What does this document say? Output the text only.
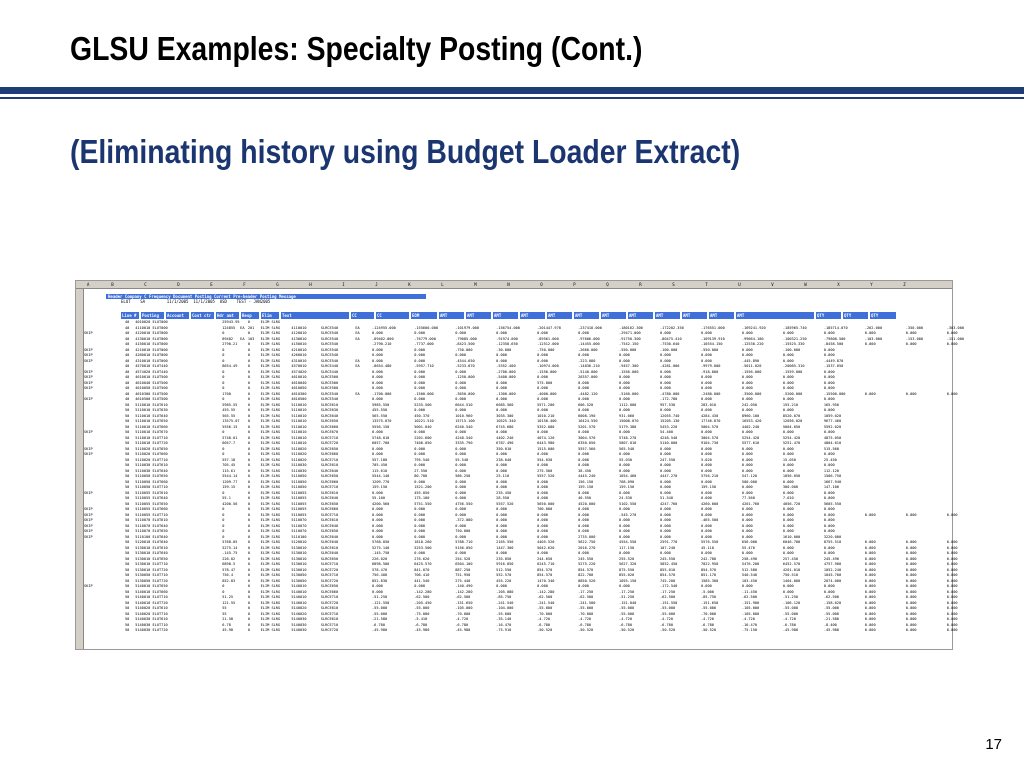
GLSU Examples: Specialty Posting (Cont.)
(Eliminating history using Budget Loader Extract)
A	B	C	D	E	F	G	H	I	J	K	L	M	N	O	P	Q	R	S	T	U	V	W	X	Y	Z
Header Company C Frequency Document Posting Current Pre-header Posting Message
ELUT    SA         11/1/2005  11/1/2005  USD    TEST - JAN2005
Line # Posting Account Cost ctr Hdr amt Resp	Elim	Text	CC	CC	EOM	AMT	AMT	AMT	AMT	AMT	AMT	AMT	AMT	AMT	AMT	AMT	AMT	QTY	QTY	QTY
40 4010020 ELUT000	25943.95 0	ELIM SLRG
40 4110010 ELUT000	124855 EA 201 ELIM SLRG	4110010	SLRCE540	EA	-124955.000	-155600.000	-101979.000	-156754.000	-201447.970	-237418.000	-180162.300	-172202.350	-176551.000	-169241.920	-185965.740	-185714.070	-262.000	-350.000	-303.000
SKIP	40 4120010 ELUT000	0	0	ELIM SLRG	4120010	SLRCE540	EA	0.000	0.000	0.000	0.000	0.000	0.000	-29471.000	0.000	0.000	0.000	0.000	0.000	0.000	0.000	0.000
40 4130010 ELUT000	89402 EA 103 ELIM SLRG	4130010	SLRCE540	EA	-89402.000	-76779.000	-79085.000	-91974.000	-89561.000	-97606.000	-91750.300	-80475.410	-109139.910	-99664.180	-100321.250	-79808.500	-103.000	-153.000	-151.000
40 4150010 ELUT000	2790.21	0	ELIM SLRG	4150010	SLRCE540	-2790.210	-7737.000	-8423.500	-12358.650	-12512.000	-14455.000	-7542.150	-7530.640	-10554.150	-12530.220	-15525.330	-8458.500	0.000	0.000	0.000
SKIP	40 4210010 ELUT000	0	0	ELIM SLRG	4210010	SLRCE540	0.000	0.000	-750.000	-30.000	-750.000	-2660.000	-550.000	-100.000	-550.000	0.000	-100.000	0.000
SKIP	40 4260010 ELUT000	0	0	ELIM SLRG	4260010	SLRCE540	0.000	0.000	0.000	0.000	0.000	0.000	0.000	0.000	0.000	0.000	0.000	0.000
SKIP	40 4310010 ELUT000	0	0	ELIM SLRG	4310010	SLRCE540	EA	0.000	0.000	-4544.650	0.000	0.000	-223.080	0.000	0.000	0.000	-445.890	0.000	-4449.870
40 4570010 ELUT440	8654.49	0	ELIM SLRG	4570010	SLRCE440	EA	-8654.480	-5957.710	-5233.870	-5352.400	-10974.000	-14836.210	-9457.300	-4281.000	-9979.000	-5011.020	-20085.310	-1537.050
SKIP	40 4574020 ELUT440	0	0	ELIM SLRG	4574020	SLRCE440	0.000	0.000	0.000	-2700.000	-1556.000	-5140.000	-1556.000	0.000	-918.000	-1556.000	-1559.000	0.000
SKIP	40 4610010 ELUT500	0	0	ELIM SLRG	4610010	SLRCE500	0.000	0.000	-1250.000	-5400.000	0.000	20357.000	0.000	0.000	0.000	0.000	0.000	0.000
SKIP	40 4610040 ELUT500	0	0	ELIM SLRG	4610040	SLRCE500	0.000	0.000	0.000	0.000	575.000	0.000	0.000	0.000	0.000	0.000	0.000	0.000
SKIP	40 4610050 ELUT500	0	0	ELIM SLRG	4610050	SLRCE500	0.000	0.000	0.000	0.000	0.000	0.000	0.000	0.000	0.000	0.000	0.000	0.000
40 4610300 ELUT500	1700	0	ELIM SLRG	4610300	SLRCE540	EA	-1700.000	-1500.000	-3650.000	-1300.000	-4000.000	-4482.120	-5160.000	-4780.000	-2480.000	-3500.000	-5200.000	-15500.000	0.000	0.000	0.000
SKIP	40 4610500 ELUT500	0	0	ELIM SLRG	4610500	SLRCE540	0.000	0.000	0.000	0.000	0.000	0.000	0.000	-172.780	0.000	0.000	0.000	0.000
50 5110010 ELUT610	5985.55	0	ELIM SLRG	5110010	SLRCE610	5985.550	5235.500	6644.510	6685.560	5571.200	606.520	1112.000	957.530	283.010	242.050	155.210	165.950
50 5110010 ELUT630	455.55	0	ELIM SLRG	5110010	SLRCE630	455.550	0.000	0.000	0.000	0.000	0.000	0.000	0.000	0.000	0.000	0.000	0.000
50 5110010 ELUT640	565.55	0	ELIM SLRG	5110010	SLRCE640	565.550	450.370	1010.960	3035.300	1010.210	6008.190	931.060	12055.740	4284.430	8960.100	8520.070	1059.020
50 5110010 ELUT650	13575.07 0	ELIM SLRG	5110010	SLRCE650	13575.070	10221.510	15715.100	10525.340	10150.400	16424.550	15008.070	15205.130	17746.870	16553.420	12056.020	9677.460
50 5110010 ELUT660	5556.15	0	ELIM SLRG	5110010	SLRCE660	5556.150	5001.040	6240.540	6745.680	5352.080	5201.570	5179.380	5453.220	5004.570	4402.240	5004.050	5592.020
SKIP	50 5110010 ELUT670	0	0	ELIM SLRG	5110010	SLRCE670	0.000	0.000	0.000	0.000	0.000	0.000	0.000	54.400	0.000	0.000	0.000	0.000
50 5110010 ELUT710	5748.01	0	ELIM SLRG	5110010	SLRCE710	5748.010	2201.600	4248.540	4402.240	4074.120	3004.570	5748.270	4248.540	3004.570	5254.420	5254.420	4875.050
50 5110010 ELUT720	6057.7	0	ELIM SLRG	5110010	SLRCE720	6057.700	7406.050	3335.790	6787.490	6443.980	6350.050	5807.010	5140.000	9104.730	5577.610	5251.470	4804.610
SKIP	50 5110020 ELUT650	0	0	ELIM SLRG	5110020	SLRCE650	0.000	0.000	0.000	350.010	1515.000	5557.560	565.540	0.000	0.000	0.000	0.000	515.560
SKIP	50 5110020 ELUT660	0	0	ELIM SLRG	5110020	SLRCE660	0.000	0.000	0.000	0.000	0.000	0.000	0.000	0.000	0.000	0.000	0.000	0.000
50 5110020 ELUT710	557.18	0	ELIM SLRG	5110020	SLRCE710	557.180	795.540	55.540	238.040	554.030	0.000	55.030	247.550	5.020	0.000	15.050	25.450
50 5110030 ELUT610	705.45	0	ELIM SLRG	5110030	SLRCE610	705.450	0.000	0.000	0.000	0.000	0.000	0.000	0.000	0.000	0.000	0.000	0.000
50 5110030 ELUT640	115.61	0	ELIM SLRG	5110030	SLRCE640	115.610	27.550	0.000	0.000	275.500	38.450	0.000	0.000	0.000	0.000	0.000	112.120
50 5110050 ELUT650	5544.14	0	ELIM SLRG	5110050	SLRCE650	5544.140	80.700	586.250	25.110	5557.520	4445.240	1654.460	4447.270	5756.210	547.120	1056.050	1506.750
50 5110050 ELUT660	1209.77	0	ELIM SLRG	5110050	SLRCE660	1209.770	0.000	0.000	0.000	0.000	156.150	768.090	0.000	0.000	500.000	0.000	1667.940
50 5110050 ELUT710	159.15	0	ELIM SLRG	5110050	SLRCE710	159.150	1521.200	0.000	0.000	0.000	159.150	159.150	0.000	159.150	0.000	300.000	147.100
SKIP	50 5110055 ELUT610	0	0	ELIM SLRG	5110055	SLRCE610	0.000	455.050	0.000	235.450	0.000	0.000	0.000	0.000	0.000	0.000	0.000	0.000
50 5110055 ELUT640	55.1	0	ELIM SLRG	5110055	SLRCE640	55.100	175.100	0.000	28.550	0.000	40.550	24.530	51.540	0.000	77.560	7.010	0.000
50 5110055 ELUT650	4200.56	0	ELIM SLRG	5110055	SLRCE650	4200.560	5751.550	4756.550	5557.520	5650.000	4520.000	5102.550	4247.760	4260.000	4201.760	4056.720	5605.550
SKIP	50 5110055 ELUT660	0	0	ELIM SLRG	5110055	SLRCE660	0.000	0.000	0.000	0.000	700.000	0.000	0.000	0.000	0.000	0.000	0.000	0.000
SKIP	50 5110055 ELUT710	0	0	ELIM SLRG	5110055	SLRCE710	0.000	0.000	0.000	0.000	0.000	0.000	-545.270	0.000	0.000	0.000	0.000	0.000	0.000	0.000	0.000
SKIP	50 5110070 ELUT610	0	0	ELIM SLRG	5110070	SLRCE610	0.000	0.000	-372.080	0.000	0.000	0.000	0.000	0.000	-465.500	0.000	0.000	0.000
SKIP	50 5110070 ELUT640	0	0	ELIM SLRG	5110070	SLRCE640	0.000	0.000	0.000	0.000	0.000	0.000	0.000	0.000	0.000	0.000	0.000	0.000
SKIP	50 5110070 ELUT650	0	0	ELIM SLRG	5110070	SLRCE650	0.000	0.000	750.000	0.000	0.000	0.000	0.000	0.000	0.000	0.000	0.000	0.000
SKIP	50 5110100 ELUT640	0	0	ELIM SLRG	5110100	SLRCE640	0.000	0.000	0.000	0.000	0.000	2735.000	0.000	0.000	0.000	0.000	1610.000	3220.000
50 5120010 ELUT640	5768.05	0	ELIM SLRG	5120010	SLRCE640	5768.050	1818.260	5788.710	2165.550	4405.520	5622.750	4554.550	2591.770	5576.550	656.000	6046.700	8755.510	0.000	0.000	0.000
50 5130010 ELUT610	5275.14	0	ELIM SLRG	5130010	SLRCE610	5275.140	5253.500	5156.050	1447.300	5042.620	2016.270	117.150	107.240	45.110	55.470	0.000	0.000	0.000	0.000	0.000
50 5130010 ELUT640	-145.75	0	ELIM SLRG	5130010	SLRCE640	-145.750	0.000	0.000	0.000	0.000	0.000	0.000	0.000	0.000	0.000	0.000	0.000	0.000	0.000	0.000
50 5130010 ELUT650	226.02	0	ELIM SLRG	5130010	SLRCE650	226.020	276.620	254.520	235.850	244.650	245.550	255.520	245.550	242.780	258.490	257.450	245.490	0.000	0.000	0.000
50 5130010 ELUT710	6898.5	0	ELIM SLRG	5130010	SLRCE710	6898.500	6425.570	6504.100	5916.850	6245.710	5275.220	5627.320	5852.450	7022.950	5476.200	6452.570	4757.900	0.000	0.000	0.000
50 5130010 ELUT720	578.47	0	ELIM SLRG	5130010	SLRCE720	578.470	841.070	887.250	512.550	854.570	854.570	875.550	855.010	854.570	512.580	4201.010	1052.240	0.000	0.000	0.000
50 5130050 ELUT710	756.4	0	ELIM SLRG	5130050	SLRCE710	756.400	706.410	751.950	552.570	854.570	822.700	855.020	854.570	851.170	540.540	750.510	1045.700	0.000	0.000	0.000
50 5130050 ELUT720	852.83	0	ELIM SLRG	5130050	SLRCE720	852.830	441.540	275.440	455.220	1470.340	8850.520	1055.150	745.200	1585.300	103.450	1404.000	2074.000	0.000	0.000	0.000
SKIP	50 5140010 ELUT650	0	0	ELIM SLRG	5140010	SLRCE650	0.000	0.000	-140.490	0.000	0.000	0.000	0.000	-172.540	0.000	0.000	0.000	0.000	0.000	0.000	0.000
50 5140010 ELUT660	0	0	ELIM SLRG	5140010	SLRCE660	0.000	-142.280	-142.280	-205.080	-142.280	-17.250	-17.250	-17.250	-5.000	-11.450	0.000	0.000	0.000	0.000	0.000
50 5140010 ELUT710	51.25	0	ELIM SLRG	5140010	SLRCE710	-51.250	-62.500	-62.500	-85.750	-62.500	-62.500	-51.250	-62.500	-85.750	-62.500	-51.250	-62.500	0.000	0.000	0.000
50 5140010 ELUT720	121.55	0	ELIM SLRG	5140010	SLRCE720	-121.550	-205.450	-151.650	-241.540	-241.540	-241.500	-151.040	-151.550	-151.650	-151.900	-106.120	-158.620	0.000	0.000	0.000
50 5140020 ELUT610	55	0	ELIM SLRG	5140020	SLRCE610	-55.000	-55.000	-105.000	-104.000	-55.000	-55.000	-55.000	-55.000	-55.000	-105.000	-55.000	-55.000	0.000	0.000	0.000
50 5140020 ELUT710	55	0	ELIM SLRG	5140020	SLRCE710	-55.000	-75.000	-70.000	-55.000	-70.000	-70.000	-55.000	-55.000	-70.000	-105.000	-55.000	-55.000	0.000	0.000	0.000
50 5140030 ELUT610	21.58	0	ELIM SLRG	5140030	SLRCE610	-21.580	-5.410	-4.720	-35.140	-4.720	-4.720	-4.720	-4.720	-4.720	-4.720	-4.720	-21.580	0.000	0.000	0.000
50 5140030 ELUT710	6.78	0	ELIM SLRG	5140030	SLRCE710	-6.780	-6.780	-6.780	-16.470	-6.780	-6.780	-6.780	-6.780	-6.780	-16.470	-6.780	-8.400	0.000	0.000	0.000
50 5140030 ELUT720	45.98	0	ELIM SLRG	5140030	SLRCE720	-45.980	-45.980	-45.980	-75.910	-50.520	-50.520	-50.520	-50.520	-50.520	-75.150	-45.980	-45.980	0.000	0.000	0.000
17
